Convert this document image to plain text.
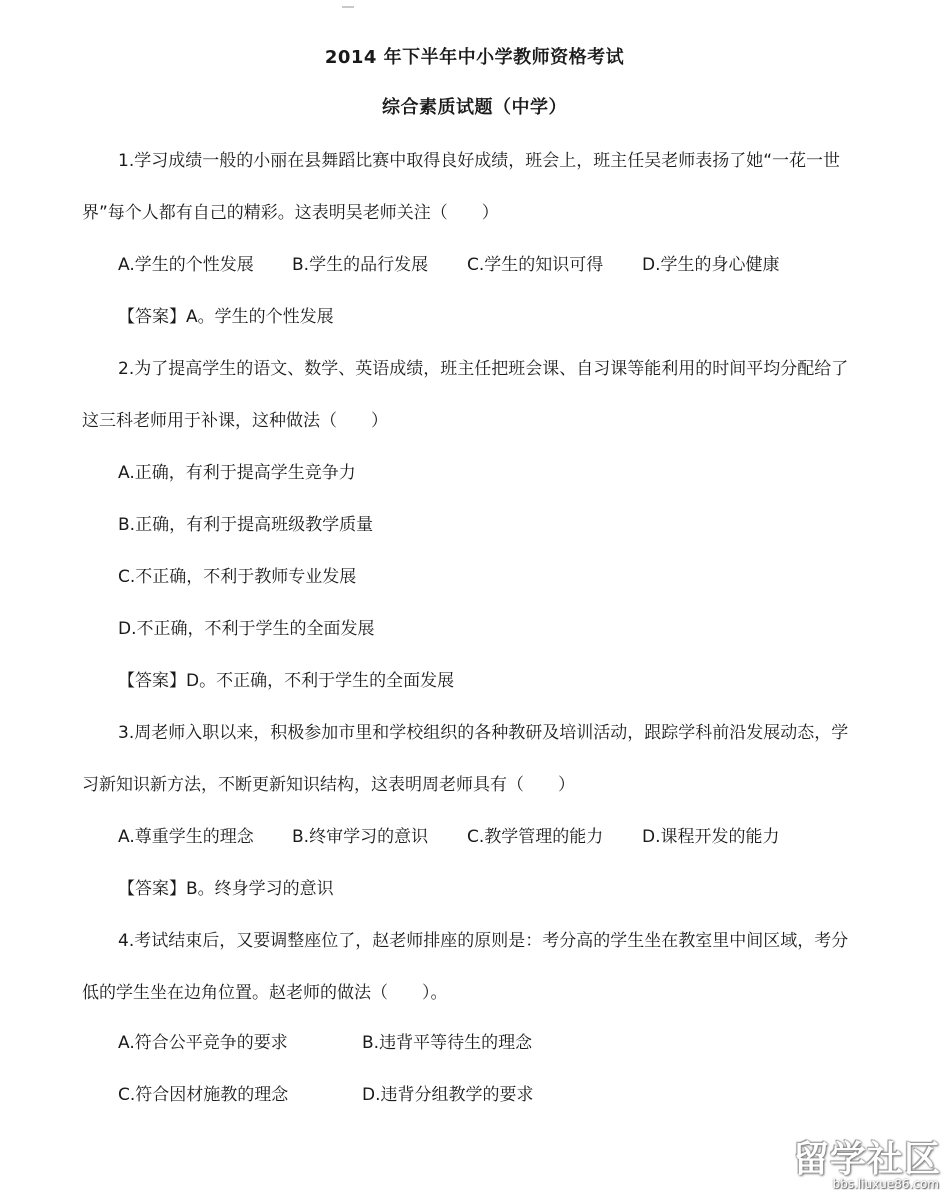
2014 年下半年中小学教师资格考试
综合素质试题（中学）
1.学习成绩一般的小丽在县舞蹈比赛中取得良好成绩，班会上，班主任吴老师表扬了她“一花一世
界”每个人都有自己的精彩。这表明吴老师关注（　　）
A.学生的个性发展 B.学生的品行发展 C.学生的知识可得 D.学生的身心健康
【答案】A。学生的个性发展
2.为了提高学生的语文、数学、英语成绩，班主任把班会课、自习课等能利用的时间平均分配给了
这三科老师用于补课，这种做法（　　）
A.正确，有利于提高学生竞争力
B.正确，有利于提高班级教学质量
C.不正确，不利于教师专业发展
D.不正确，不利于学生的全面发展
【答案】D。不正确，不利于学生的全面发展
3.周老师入职以来，积极参加市里和学校组织的各种教研及培训活动，跟踪学科前沿发展动态，学
习新知识新方法，不断更新知识结构，这表明周老师具有（　　）
A.尊重学生的理念 B.终审学习的意识 C.教学管理的能力 D.课程开发的能力
【答案】B。终身学习的意识
4.考试结束后，又要调整座位了，赵老师排座的原则是：考分高的学生坐在教室里中间区域，考分
低的学生坐在边角位置。赵老师的做法（　　）。
A.符合公平竞争的要求	B.违背平等待生的理念
C.符合因材施教的理念	D.违背分组教学的要求
留学社区
bbs.liuxue86.com
